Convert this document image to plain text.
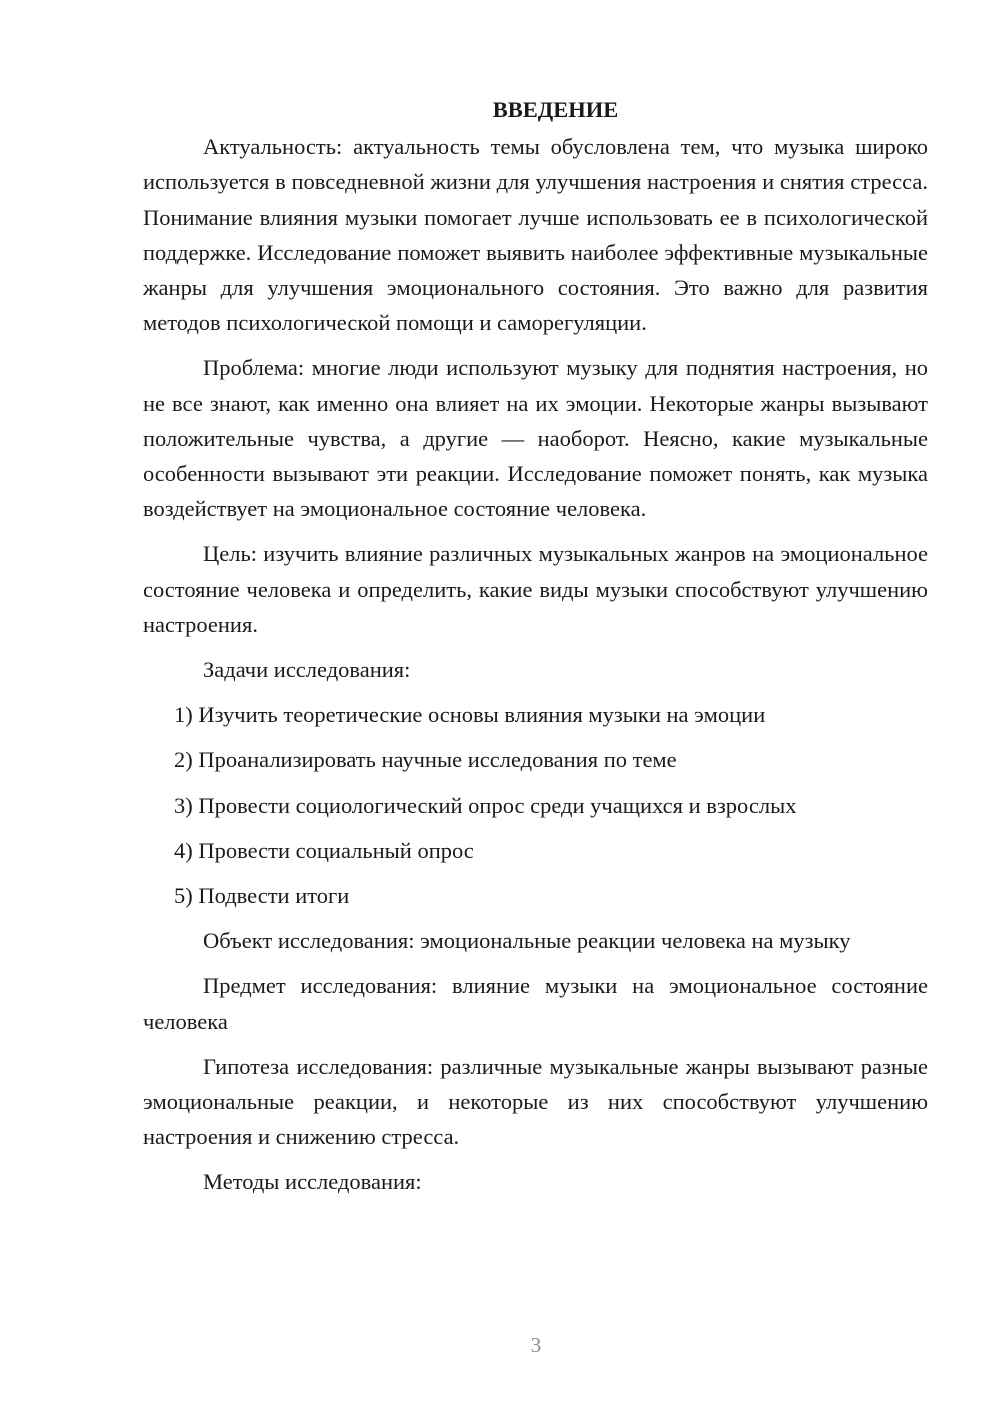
ВВЕДЕНИЕ

Актуальность: актуальность темы обусловлена тем, что музыка широко используется в повседневной жизни для улучшения настроения и снятия стресса. Понимание влияния музыки помогает лучше использовать ее в психологической поддержке. Исследование поможет выявить наиболее эффективные музыкальные жанры для улучшения эмоционального состояния. Это важно для развития методов психологической помощи и саморегуляции.

Проблема: многие люди используют музыку для поднятия настроения, но не все знают, как именно она влияет на их эмоции. Некоторые жанры вызывают положительные чувства, а другие — наоборот. Неясно, какие музыкальные особенности вызывают эти реакции. Исследование поможет понять, как музыка воздействует на эмоциональное состояние человека.

Цель: изучить влияние различных музыкальных жанров на эмоциональное состояние человека и определить, какие виды музыки способствуют улучшению настроения.

Задачи исследования:

1) Изучить теоретические основы влияния музыки на эмоции
2) Проанализировать научные исследования по теме
3) Провести социологический опрос среди учащихся и взрослых
4) Провести социальный опрос
5) Подвести итоги

Объект исследования: эмоциональные реакции человека на музыку

Предмет исследования: влияние музыки на эмоциональное состояние человека

Гипотеза исследования: различные музыкальные жанры вызывают разные эмоциональные реакции, и некоторые из них способствуют улучшению настроения и снижению стресса.

Методы исследования:

3
